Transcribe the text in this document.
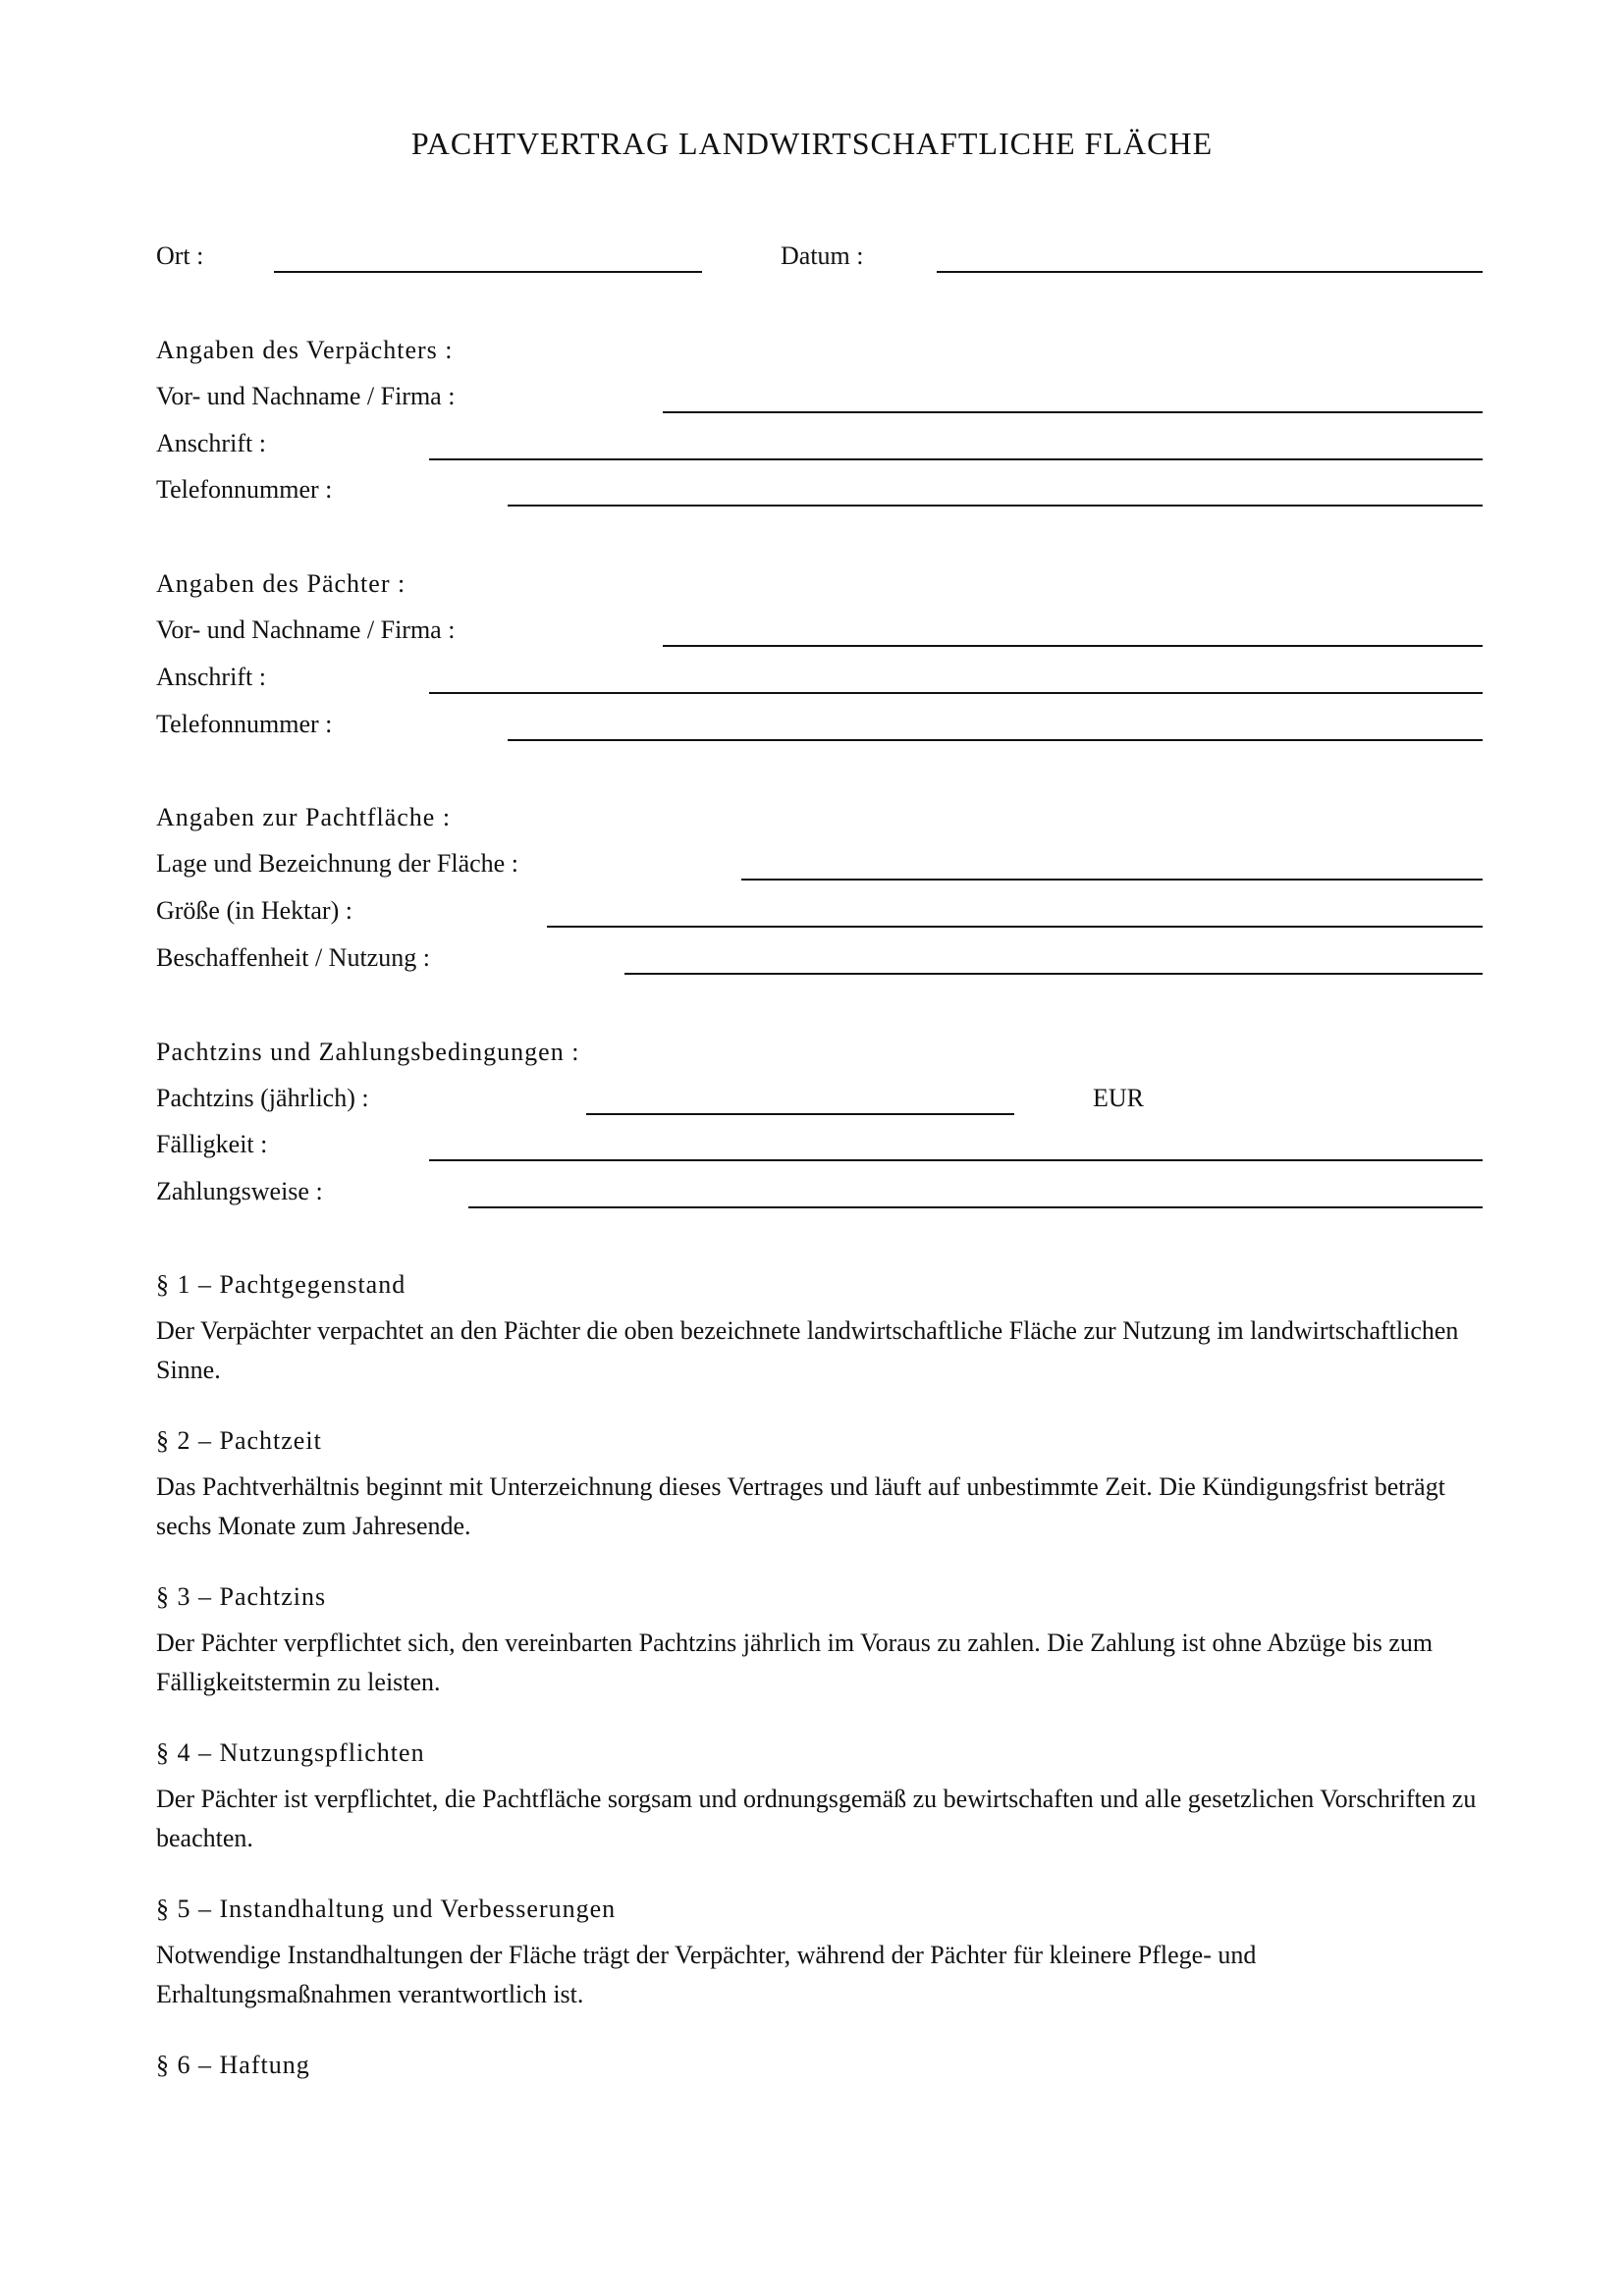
PACHTVERTRAG LANDWIRTSCHAFTLICHE FLÄCHE
Ort :	Datum :
Angaben des Verpächters :
Vor- und Nachname / Firma :
Anschrift :
Telefonnummer :
Angaben des Pächter :
Vor- und Nachname / Firma :
Anschrift :
Telefonnummer :
Angaben zur Pachtfläche :
Lage und Bezeichnung der Fläche :
Größe (in Hektar) :
Beschaffenheit / Nutzung :
Pachtzins und Zahlungsbedingungen :
Pachtzins (jährlich) :	EUR
Fälligkeit :
Zahlungsweise :
§ 1 – Pachtgegenstand
Der Verpächter verpachtet an den Pächter die oben bezeichnete landwirtschaftliche Fläche zur Nutzung im landwirtschaftlichen Sinne.
§ 2 – Pachtzeit
Das Pachtverhältnis beginnt mit Unterzeichnung dieses Vertrages und läuft auf unbestimmte Zeit. Die Kündigungsfrist beträgt sechs Monate zum Jahresende.
§ 3 – Pachtzins
Der Pächter verpflichtet sich, den vereinbarten Pachtzins jährlich im Voraus zu zahlen. Die Zahlung ist ohne Abzüge bis zum Fälligkeitstermin zu leisten.
§ 4 – Nutzungspflichten
Der Pächter ist verpflichtet, die Pachtfläche sorgsam und ordnungsgemäß zu bewirtschaften und alle gesetzlichen Vorschriften zu beachten.
§ 5 – Instandhaltung und Verbesserungen
Notwendige Instandhaltungen der Fläche trägt der Verpächter, während der Pächter für kleinere Pflege- und Erhaltungsmaßnahmen verantwortlich ist.
§ 6 – Haftung
